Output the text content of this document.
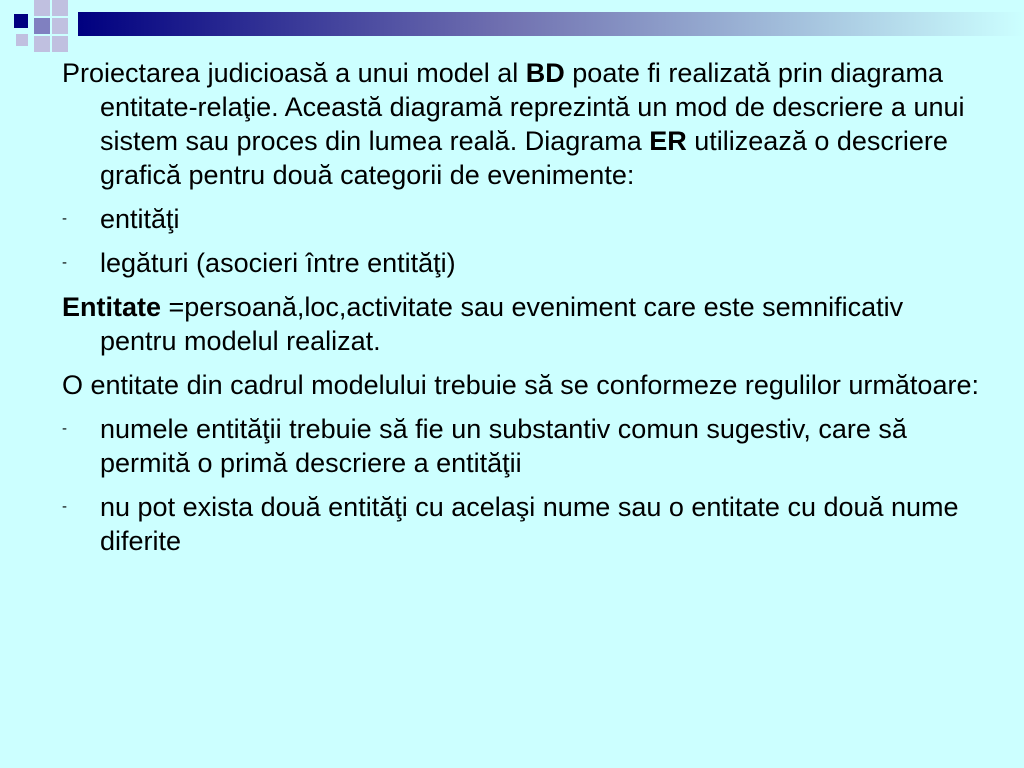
Proiectarea judicioasă a unui model al BD poate fi realizată prin diagrama entitate-relaţie. Această diagramă reprezintă un mod de descriere a unui sistem sau proces din lumea reală. Diagrama ER utilizează o descriere grafică pentru două categorii de evenimente:

- entităţi
- legături (asocieri între entităţi)

Entitate =persoană,loc,activitate sau eveniment care este semnificativ pentru modelul realizat.

O entitate din cadrul modelului trebuie să se conformeze regulilor următoare:

- numele entităţii trebuie să fie un substantiv comun sugestiv, care să permită o primă descriere a entităţii
- nu pot exista două entităţi cu acelaşi nume sau o entitate cu două nume diferite
